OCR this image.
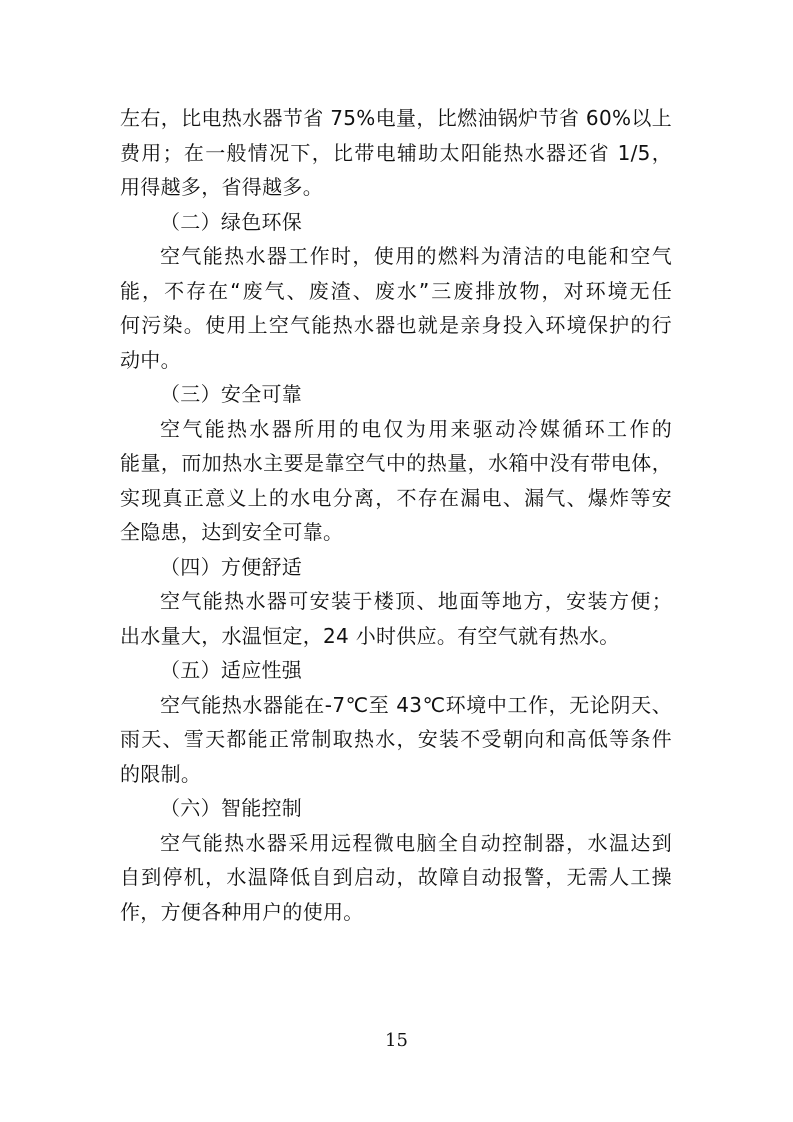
左右，比电热水器节省 75%电量，比燃油锅炉节省 60%以上
费用；在一般情况下，比带电辅助太阳能热水器还省 1/5，
用得越多，省得越多。
（二）绿色环保
空气能热水器工作时，使用的燃料为清洁的电能和空气
能，不存在“废气、废渣、废水”三废排放物，对环境无任
何污染。使用上空气能热水器也就是亲身投入环境保护的行
动中。
（三）安全可靠
空气能热水器所用的电仅为用来驱动冷媒循环工作的
能量，而加热水主要是靠空气中的热量，水箱中没有带电体，
实现真正意义上的水电分离，不存在漏电、漏气、爆炸等安
全隐患，达到安全可靠。
（四）方便舒适
空气能热水器可安装于楼顶、地面等地方，安装方便；
出水量大，水温恒定，24 小时供应。有空气就有热水。
（五）适应性强
空气能热水器能在-7℃至 43℃环境中工作，无论阴天、
雨天、雪天都能正常制取热水，安装不受朝向和高低等条件
的限制。
（六）智能控制
空气能热水器采用远程微电脑全自动控制器，水温达到
自到停机，水温降低自到启动，故障自动报警，无需人工操
作，方便各种用户的使用。
15
